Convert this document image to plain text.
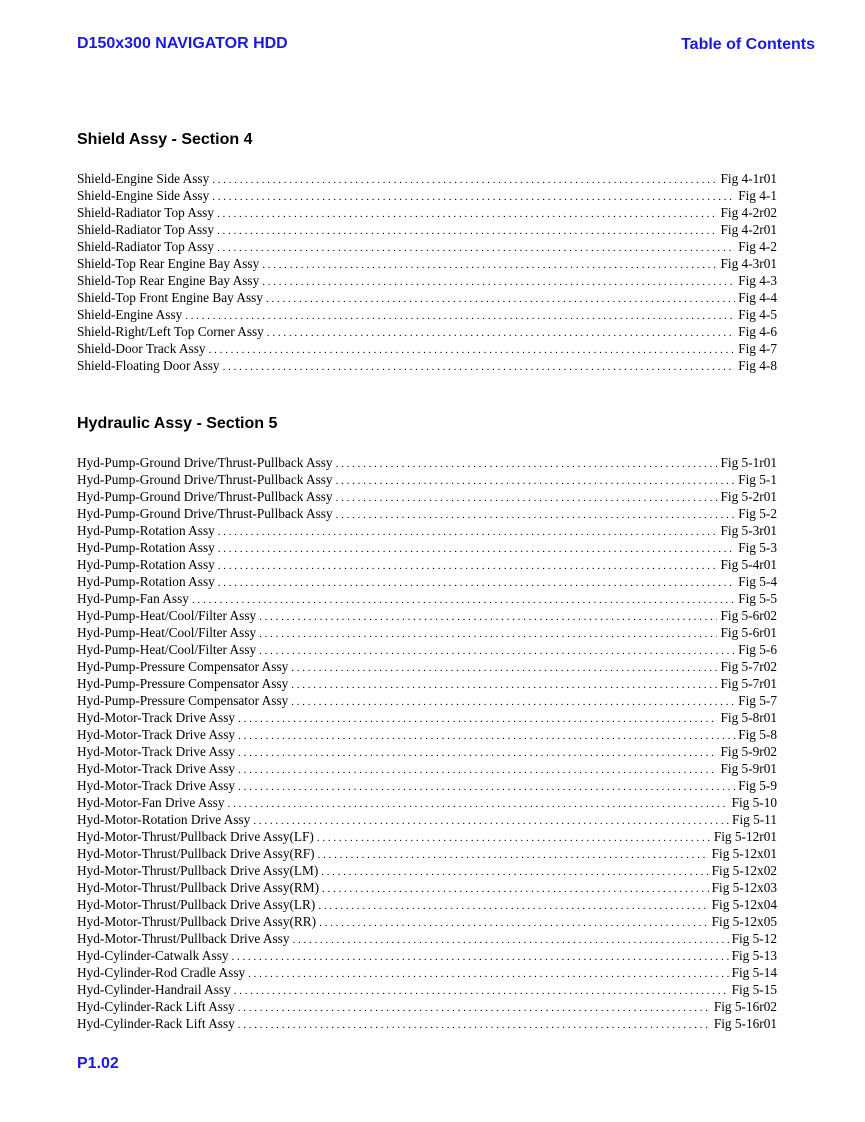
D150x300 NAVIGATOR HDD	Table of Contents
Shield Assy - Section 4
Shield-Engine Side Assy . . .	Fig 4-1r01
Shield-Engine Side Assy . . .	Fig 4-1
Shield-Radiator Top Assy . . .	Fig 4-2r02
Shield-Radiator Top Assy . . .	Fig 4-2r01
Shield-Radiator Top Assy . . .	Fig 4-2
Shield-Top Rear Engine Bay Assy . . .	Fig 4-3r01
Shield-Top Rear Engine Bay Assy . . .	Fig 4-3
Shield-Top Front Engine Bay Assy . . .	Fig 4-4
Shield-Engine Assy . . .	Fig 4-5
Shield-Right/Left Top Corner Assy . . .	Fig 4-6
Shield-Door Track Assy . . .	Fig 4-7
Shield-Floating Door Assy . . .	Fig 4-8
Hydraulic Assy - Section 5
Hyd-Pump-Ground Drive/Thrust-Pullback Assy . . .	Fig 5-1r01
Hyd-Pump-Ground Drive/Thrust-Pullback Assy . . .	Fig 5-1
Hyd-Pump-Ground Drive/Thrust-Pullback Assy . . .	Fig 5-2r01
Hyd-Pump-Ground Drive/Thrust-Pullback Assy . . .	Fig 5-2
Hyd-Pump-Rotation Assy . . .	Fig 5-3r01
Hyd-Pump-Rotation Assy . . .	Fig 5-3
Hyd-Pump-Rotation Assy . . .	Fig 5-4r01
Hyd-Pump-Rotation Assy . . .	Fig 5-4
Hyd-Pump-Fan Assy . . .	Fig 5-5
Hyd-Pump-Heat/Cool/Filter Assy . . .	Fig 5-6r02
Hyd-Pump-Heat/Cool/Filter Assy . . .	Fig 5-6r01
Hyd-Pump-Heat/Cool/Filter Assy . . .	Fig 5-6
Hyd-Pump-Pressure Compensator Assy . . .	Fig 5-7r02
Hyd-Pump-Pressure Compensator Assy . . .	Fig 5-7r01
Hyd-Pump-Pressure Compensator Assy . . .	Fig 5-7
Hyd-Motor-Track Drive Assy . . .	Fig 5-8r01
Hyd-Motor-Track Drive Assy . . .	Fig 5-8
Hyd-Motor-Track Drive Assy . . .	Fig 5-9r02
Hyd-Motor-Track Drive Assy . . .	Fig 5-9r01
Hyd-Motor-Track Drive Assy . . .	Fig 5-9
Hyd-Motor-Fan Drive Assy . . .	Fig 5-10
Hyd-Motor-Rotation Drive Assy . . .	Fig 5-11
Hyd-Motor-Thrust/Pullback Drive Assy(LF) . . .	Fig 5-12r01
Hyd-Motor-Thrust/Pullback Drive Assy(RF) . . .	Fig 5-12x01
Hyd-Motor-Thrust/Pullback Drive Assy(LM) . . .	Fig 5-12x02
Hyd-Motor-Thrust/Pullback Drive Assy(RM) . . .	Fig 5-12x03
Hyd-Motor-Thrust/Pullback Drive Assy(LR) . . .	Fig 5-12x04
Hyd-Motor-Thrust/Pullback Drive Assy(RR) . . .	Fig 5-12x05
Hyd-Motor-Thrust/Pullback Drive Assy . . .	Fig 5-12
Hyd-Cylinder-Catwalk Assy . . .	Fig 5-13
Hyd-Cylinder-Rod Cradle Assy . . .	Fig 5-14
Hyd-Cylinder-Handrail Assy . . .	Fig 5-15
Hyd-Cylinder-Rack Lift Assy . . .	Fig 5-16r02
Hyd-Cylinder-Rack Lift Assy . . .	Fig 5-16r01
P1.02
